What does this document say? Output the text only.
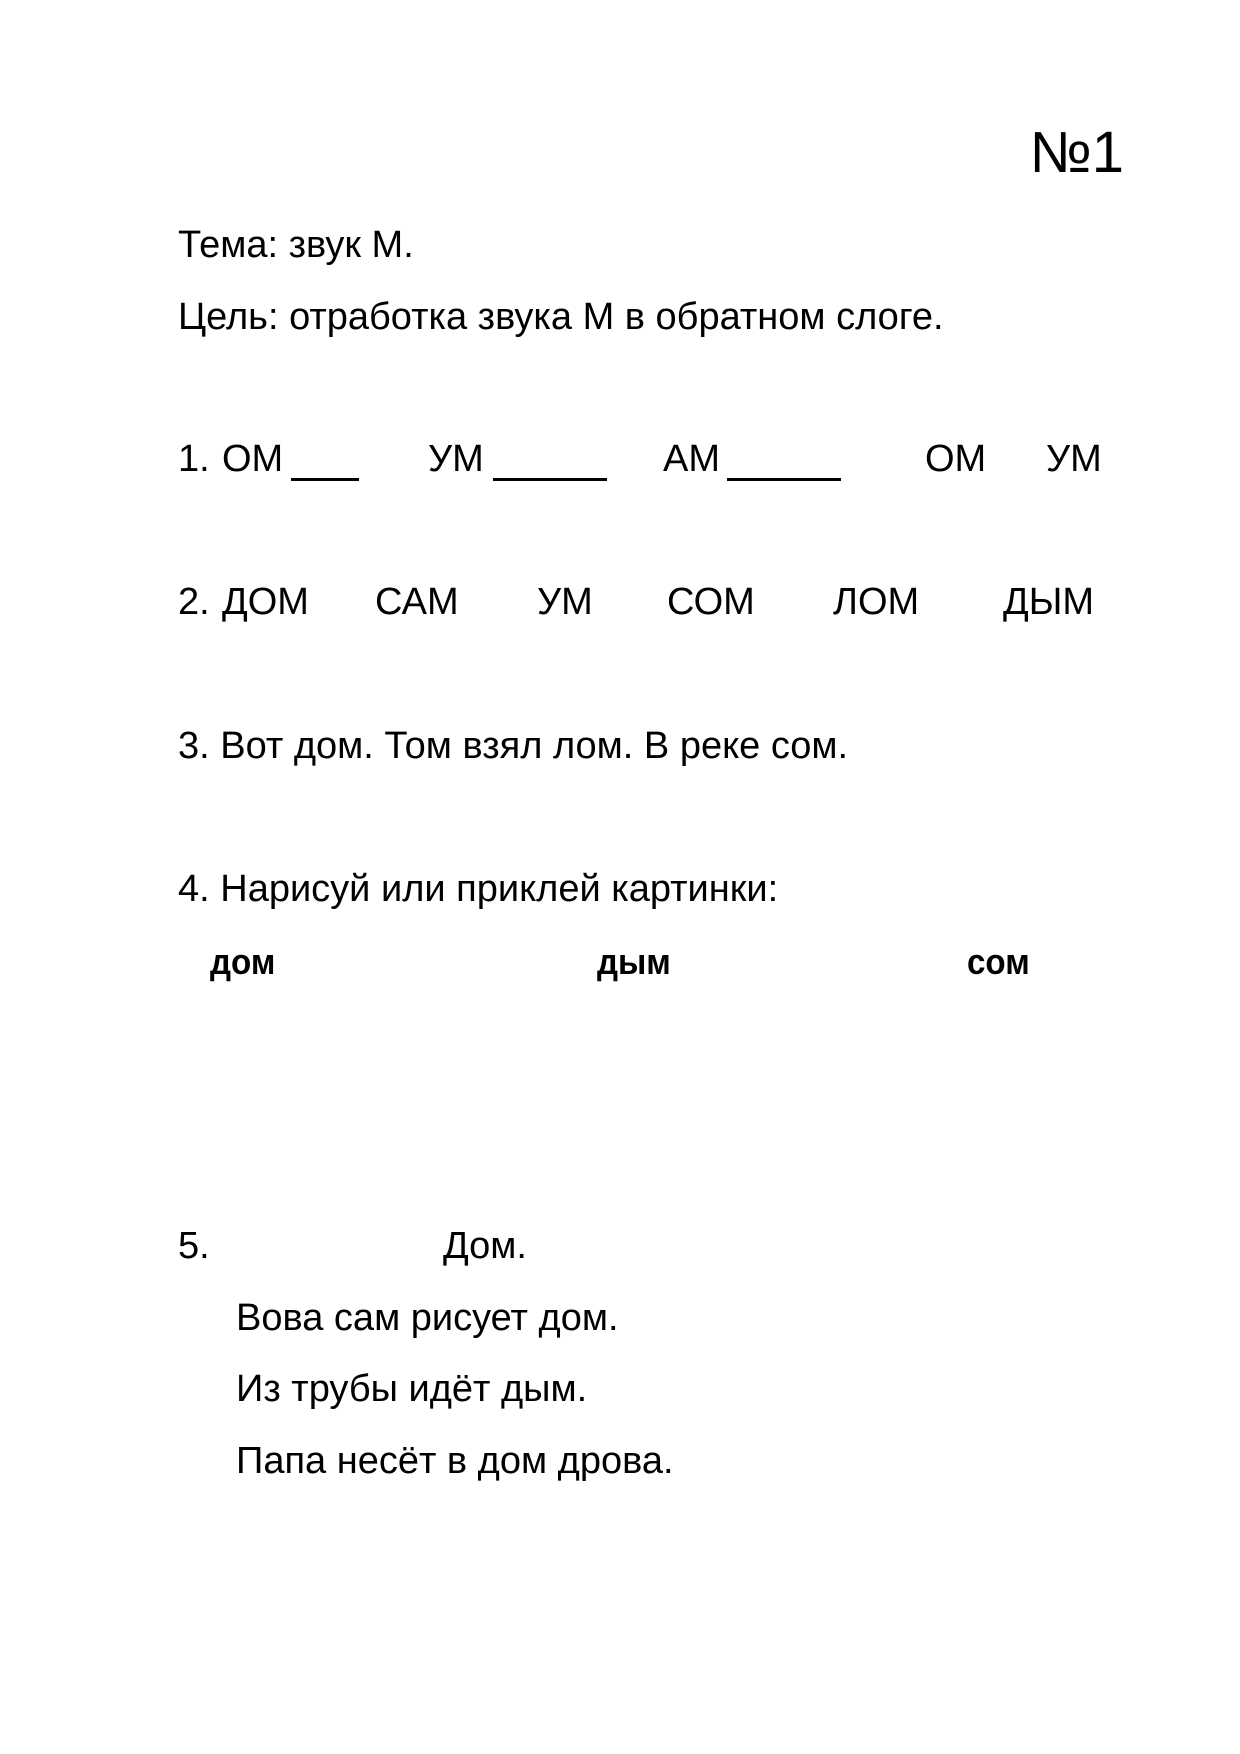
№1
Тема: звук М.
Цель: отработка звука М в обратном слоге.
1. ОМ	УМ	АМ	ОМ УМ
2. ДОМ САМ УМ СОМ ЛОМ ДЫМ
3. Вот дом. Том взял лом. В реке сом.
4. Нарисуй или приклей картинки:
дом	дым	сом
5.	Дом.
Вова сам рисует дом.
Из трубы идёт дым.
Папа несёт в дом дрова.
